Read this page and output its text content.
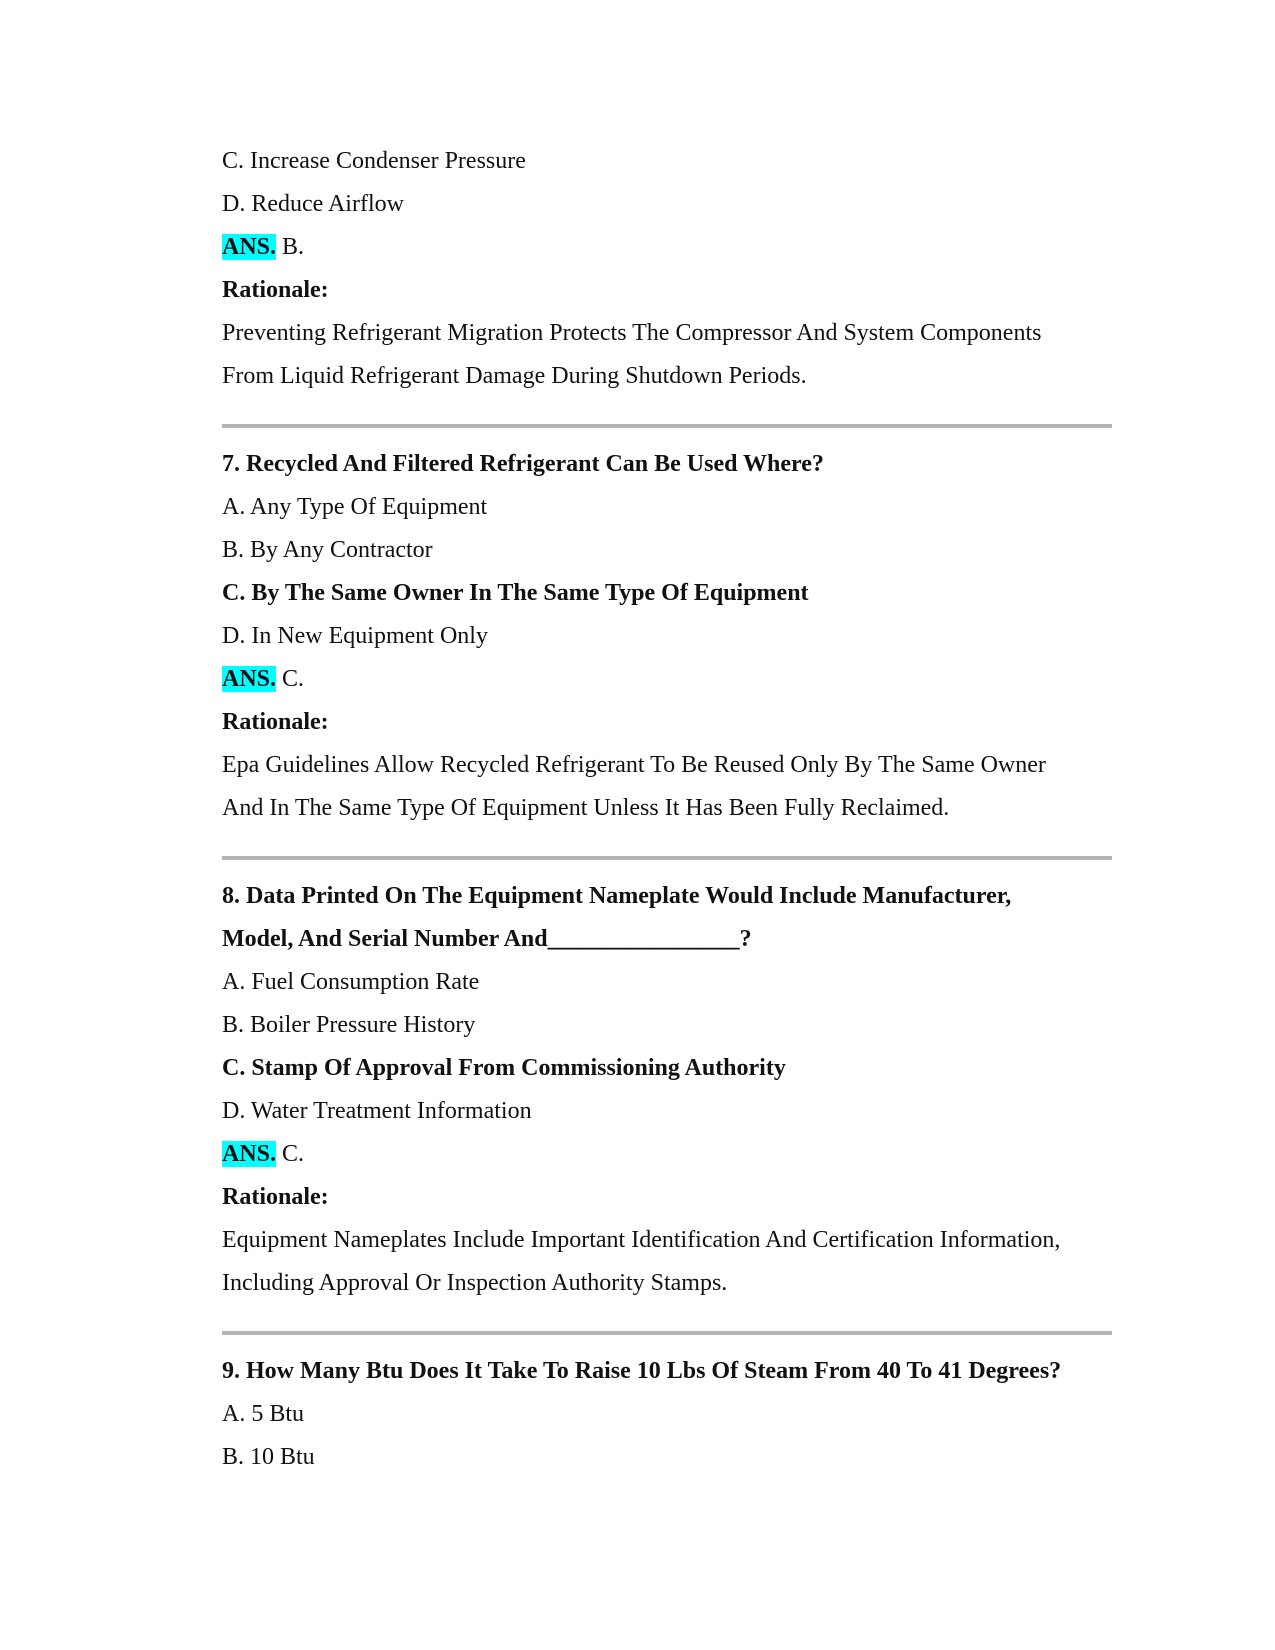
C. Increase Condenser Pressure
D. Reduce Airflow
ANS. B.
Rationale:
Preventing Refrigerant Migration Protects The Compressor And System Components
From Liquid Refrigerant Damage During Shutdown Periods.
7. Recycled And Filtered Refrigerant Can Be Used Where?
A. Any Type Of Equipment
B. By Any Contractor
C. By The Same Owner In The Same Type Of Equipment
D. In New Equipment Only
ANS. C.
Rationale:
Epa Guidelines Allow Recycled Refrigerant To Be Reused Only By The Same Owner
And In The Same Type Of Equipment Unless It Has Been Fully Reclaimed.
8. Data Printed On The Equipment Nameplate Would Include Manufacturer,
Model, And Serial Number And________________?
A. Fuel Consumption Rate
B. Boiler Pressure History
C. Stamp Of Approval From Commissioning Authority
D. Water Treatment Information
ANS. C.
Rationale:
Equipment Nameplates Include Important Identification And Certification Information,
Including Approval Or Inspection Authority Stamps.
9. How Many Btu Does It Take To Raise 10 Lbs Of Steam From 40 To 41 Degrees?
A. 5 Btu
B. 10 Btu
